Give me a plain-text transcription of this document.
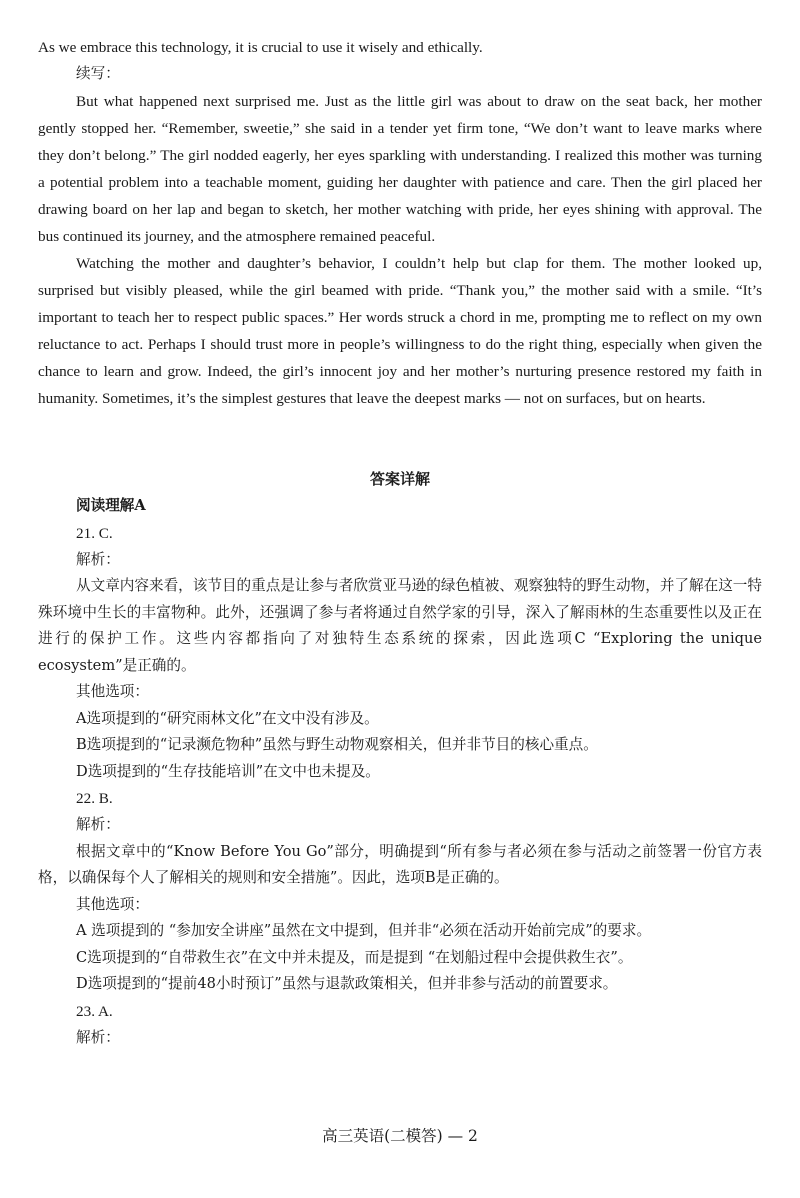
As we embrace this technology, it is crucial to use it wisely and ethically.

续写：

But what happened next surprised me. Just as the little girl was about to draw on the seat back, her mother gently stopped her. “Remember, sweetie,” she said in a tender yet firm tone, “We don’t want to leave marks where they don’t belong.” The girl nodded eagerly, her eyes sparkling with understanding. I realized this mother was turning a potential problem into a teachable moment, guiding her daughter with patience and care. Then the girl placed her drawing board on her lap and began to sketch, her mother watching with pride, her eyes shining with approval. The bus continued its journey, and the atmosphere remained peaceful.

Watching the mother and daughter’s behavior, I couldn’t help but clap for them. The mother looked up, surprised but visibly pleased, while the girl beamed with pride. “Thank you,” the mother said with a smile. “It’s important to teach her to respect public spaces.” Her words struck a chord in me, prompting me to reflect on my own reluctance to act. Perhaps I should trust more in people’s willingness to do the right thing, especially when given the chance to learn and grow. Indeed, the girl’s innocent joy and her mother’s nurturing presence restored my faith in humanity. Sometimes, it’s the simplest gestures that leave the deepest marks — not on surfaces, but on hearts.

答案详解

阅读理解A

21. C.

解析：

从文章内容来看，该节目的重点是让参与者欣赏亚马逊的绿色植被、观察独特的野生动物，并了解在这一特殊环境中生长的丰富物种。此外，还强调了参与者将通过自然学家的引导，深入了解雨林的生态重要性以及正在进行的保护工作。这些内容都指向了对独特生态系统的探索，因此选项C “Exploring the unique ecosystem”是正确的。

其他选项：

A选项提到的“研究雨林文化”在文中没有涉及。

B选项提到的“记录濒危物种”虽然与野生动物观察相关，但并非节目的核心重点。

D选项提到的“生存技能培训”在文中也未提及。

22. B.

解析：

根据文章中的“Know Before You Go”部分，明确提到“所有参与者必须在参与活动之前签署一份官方表格，以确保每个人了解相关的规则和安全措施”。因此，选项B是正确的。

其他选项：

A 选项提到的 “参加安全讲座”虽然在文中提到，但并非“必须在活动开始前完成”的要求。

C选项提到的“自带救生衣”在文中并未提及，而是提到 “在划船过程中会提供救生衣”。

D选项提到的“提前48小时预订”虽然与退款政策相关，但并非参与活动的前置要求。

23. A.

解析：

高三英语(二模答) — 2
